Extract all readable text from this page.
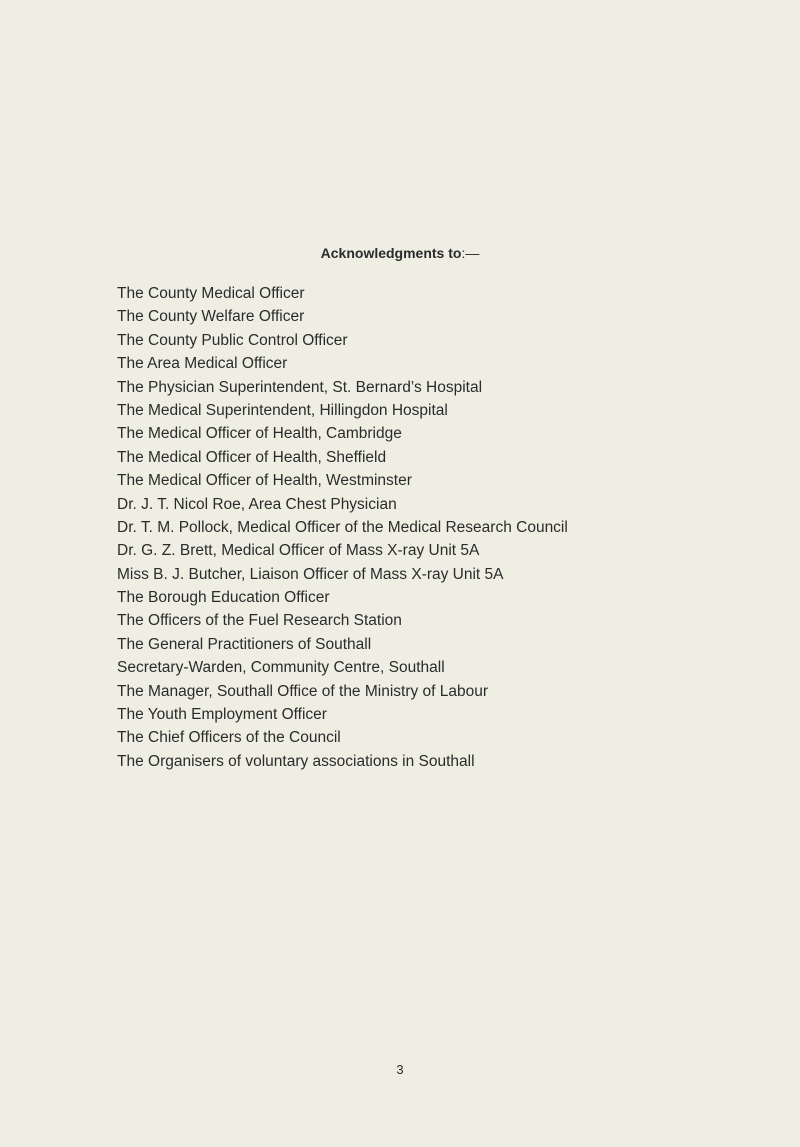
Acknowledgments to:—
The County Medical Officer
The County Welfare Officer
The County Public Control Officer
The Area Medical Officer
The Physician Superintendent, St. Bernard’s Hospital
The Medical Superintendent, Hillingdon Hospital
The Medical Officer of Health, Cambridge
The Medical Officer of Health, Sheffield
The Medical Officer of Health, Westminster
Dr. J. T. Nicol Roe, Area Chest Physician
Dr. T. M. Pollock, Medical Officer of the Medical Research Council
Dr. G. Z. Brett, Medical Officer of Mass X-ray Unit 5A
Miss B. J. Butcher, Liaison Officer of Mass X-ray Unit 5A
The Borough Education Officer
The Officers of the Fuel Research Station
The General Practitioners of Southall
Secretary-Warden, Community Centre, Southall
The Manager, Southall Office of the Ministry of Labour
The Youth Employment Officer
The Chief Officers of the Council
The Organisers of voluntary associations in Southall
3
